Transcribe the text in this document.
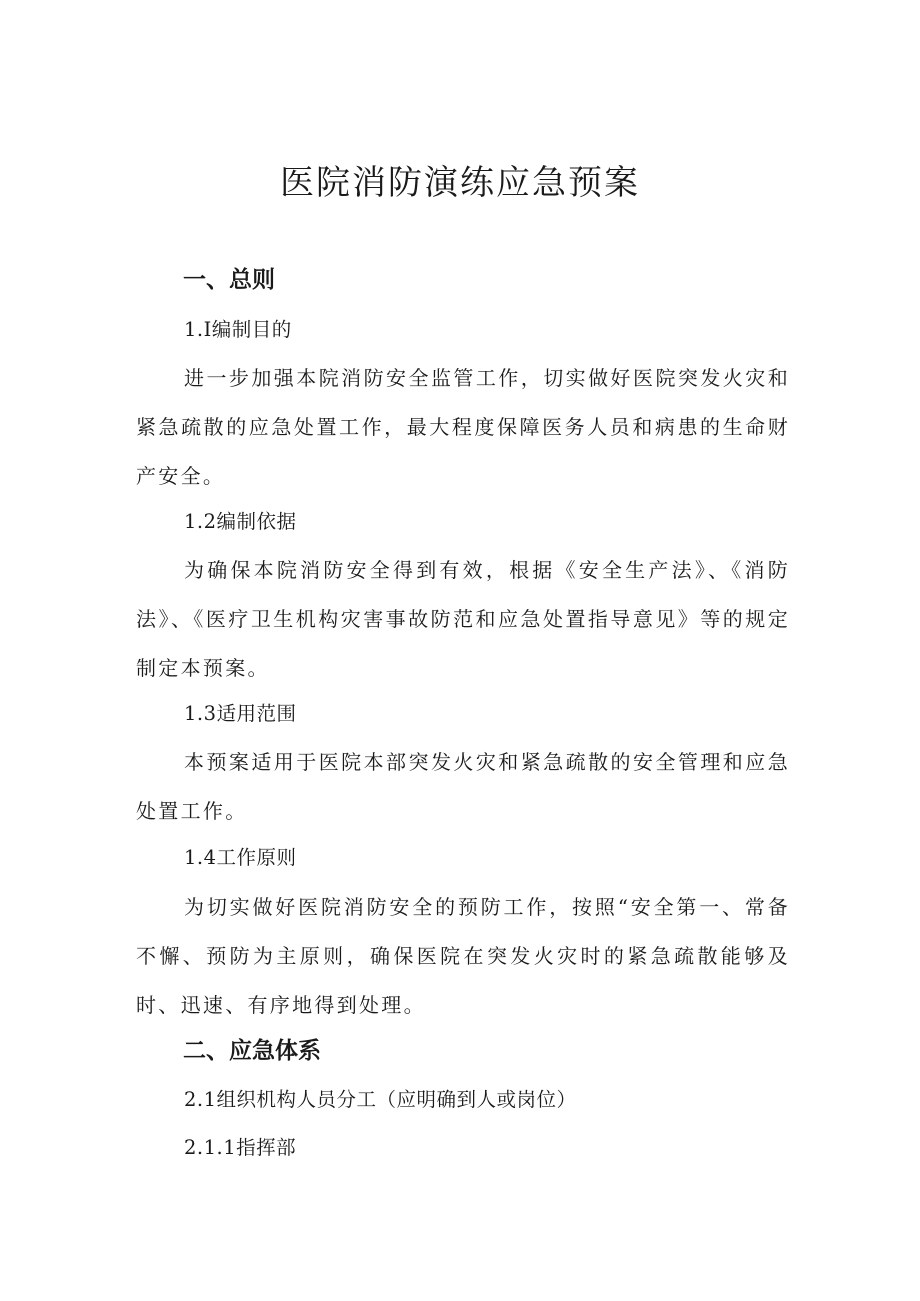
医院消防演练应急预案
一、总则
1.I编制目的

进一步加强本院消防安全监管工作，切实做好医院突发火灾和紧急疏散的应急处置工作，最大程度保障医务人员和病患的生命财产安全。

1.2编制依据

为确保本院消防安全得到有效，根据《安全生产法》、《消防法》、《医疗卫生机构灾害事故防范和应急处置指导意见》等的规定制定本预案。

1.3适用范围

本预案适用于医院本部突发火灾和紧急疏散的安全管理和应急处置工作。

1.4工作原则

为切实做好医院消防安全的预防工作，按照“安全第一、常备不懈、预防为主原则，确保医院在突发火灾时的紧急疏散能够及时、迅速、有序地得到处理。

二、应急体系
2.1组织机构人员分工（应明确到人或岗位）
2.1.1指挥部
